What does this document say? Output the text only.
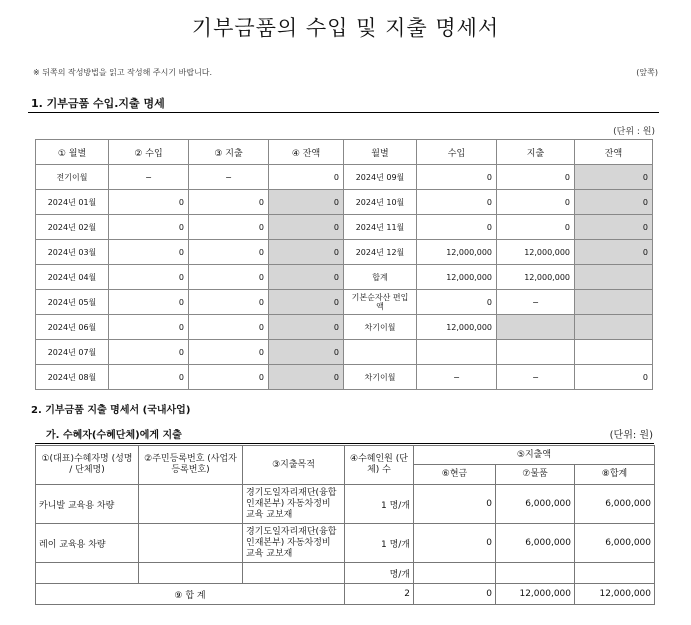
기부금품의 수입 및 지출 명세서
※ 뒤쪽의 작성방법을 읽고 작성해 주시기 바랍니다.	(앞쪽)
1. 기부금품 수입.지출 명세
(단위 : 원)
① 월별	② 수입	③ 지출	④ 잔액	월별	수입	지출	잔액
전기이월	−	−	0	2024년 09월	0	0	0
2024년 01월	0	0	0	2024년 10월	0	0	0
2024년 02월	0	0	0	2024년 11월	0	0	0
2024년 03월	0	0	0	2024년 12월	12,000,000	12,000,000	0
2024년 04월	0	0	0	합계	12,000,000	12,000,000	
2024년 05월	0	0	0	기본순자산 편입액	0	−	
2024년 06월	0	0	0	차기이월	12,000,000		
2024년 07월	0	0	0				
2024년 08월	0	0	0	차기이월	−	−	0
2. 기부금품 지출 명세서 (국내사업)
가. 수혜자(수혜단체)에게 지출	(단위: 원)
①(대표)수혜자명 (성명 / 단체명)	②주민등록번호 (사업자등록번호)	③지출목적	④수혜인원 (단체) 수	⑤지출액		
				⑥현금	⑦물품	⑧합계
카니발 교육용 차량		경기도일자리재단(융합인재본부) 자동차정비 교육 교보재	1 명/개	0	6,000,000	6,000,000
레이 교육용 차량		경기도일자리재단(융합인재본부) 자동차정비 교육 교보재	1 명/개	0	6,000,000	6,000,000
			명/개			
⑨ 합 계			2	0	12,000,000	12,000,000
